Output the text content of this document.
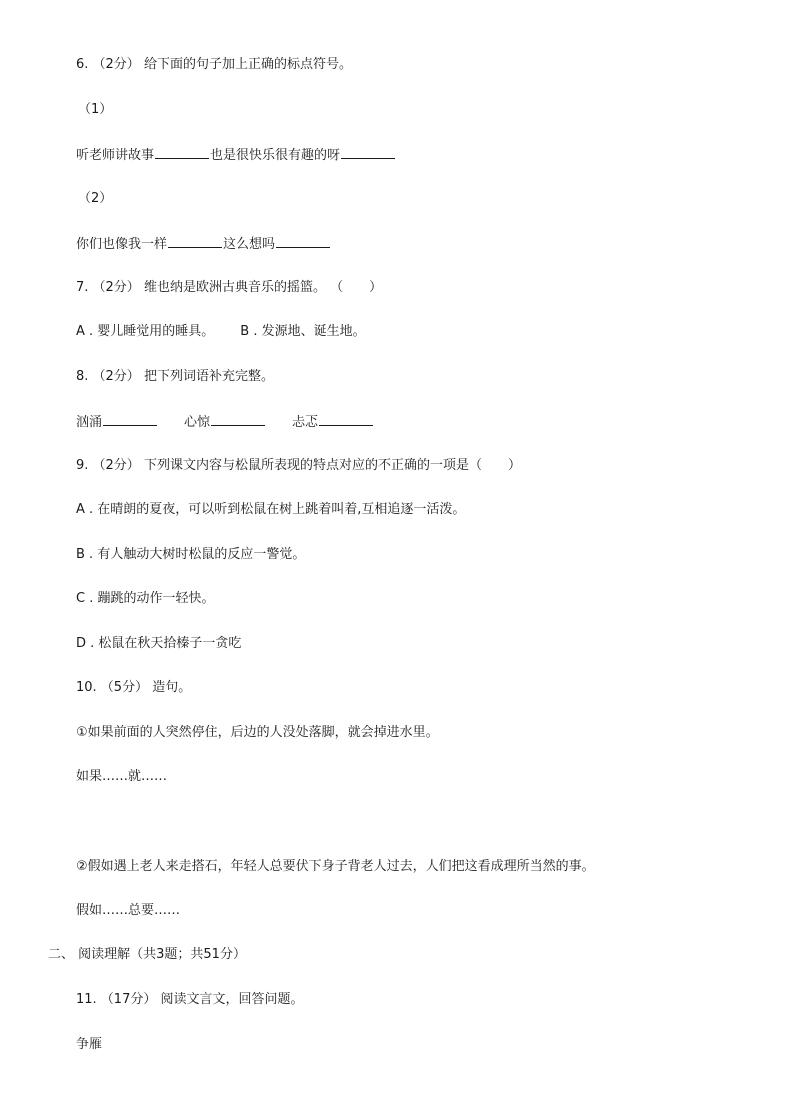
6. （2分） 给下面的句子加上正确的标点符号。
（1）
听老师讲故事	也是很快乐很有趣的呀
（2）
你们也像我一样	这么想吗
7. （2分） 维也纳是欧洲古典音乐的摇篮。 （　　）
A . 婴儿睡觉用的睡具。 B . 发源地、诞生地。
8. （2分） 把下列词语补充完整。
汹涌	心惊	忐忑
9. （2分） 下列课文内容与松鼠所表现的特点对应的不正确的一项是（　　）
A . 在晴朗的夏夜，可以听到松鼠在树上跳着叫着,互相追逐一活泼。
B . 有人触动大树时松鼠的反应一警觉。
C . 蹦跳的动作一轻快。
D . 松鼠在秋天拾榛子一贪吃
10. （5分） 造句。
①如果前面的人突然停住，后边的人没处落脚，就会掉进水里。
如果……就……
②假如遇上老人来走搭石，年轻人总要伏下身子背老人过去，人们把这看成理所当然的事。
假如……总要……
二、 阅读理解（共3题；共51分）
11. （17分） 阅读文言文，回答问题。
争雁
